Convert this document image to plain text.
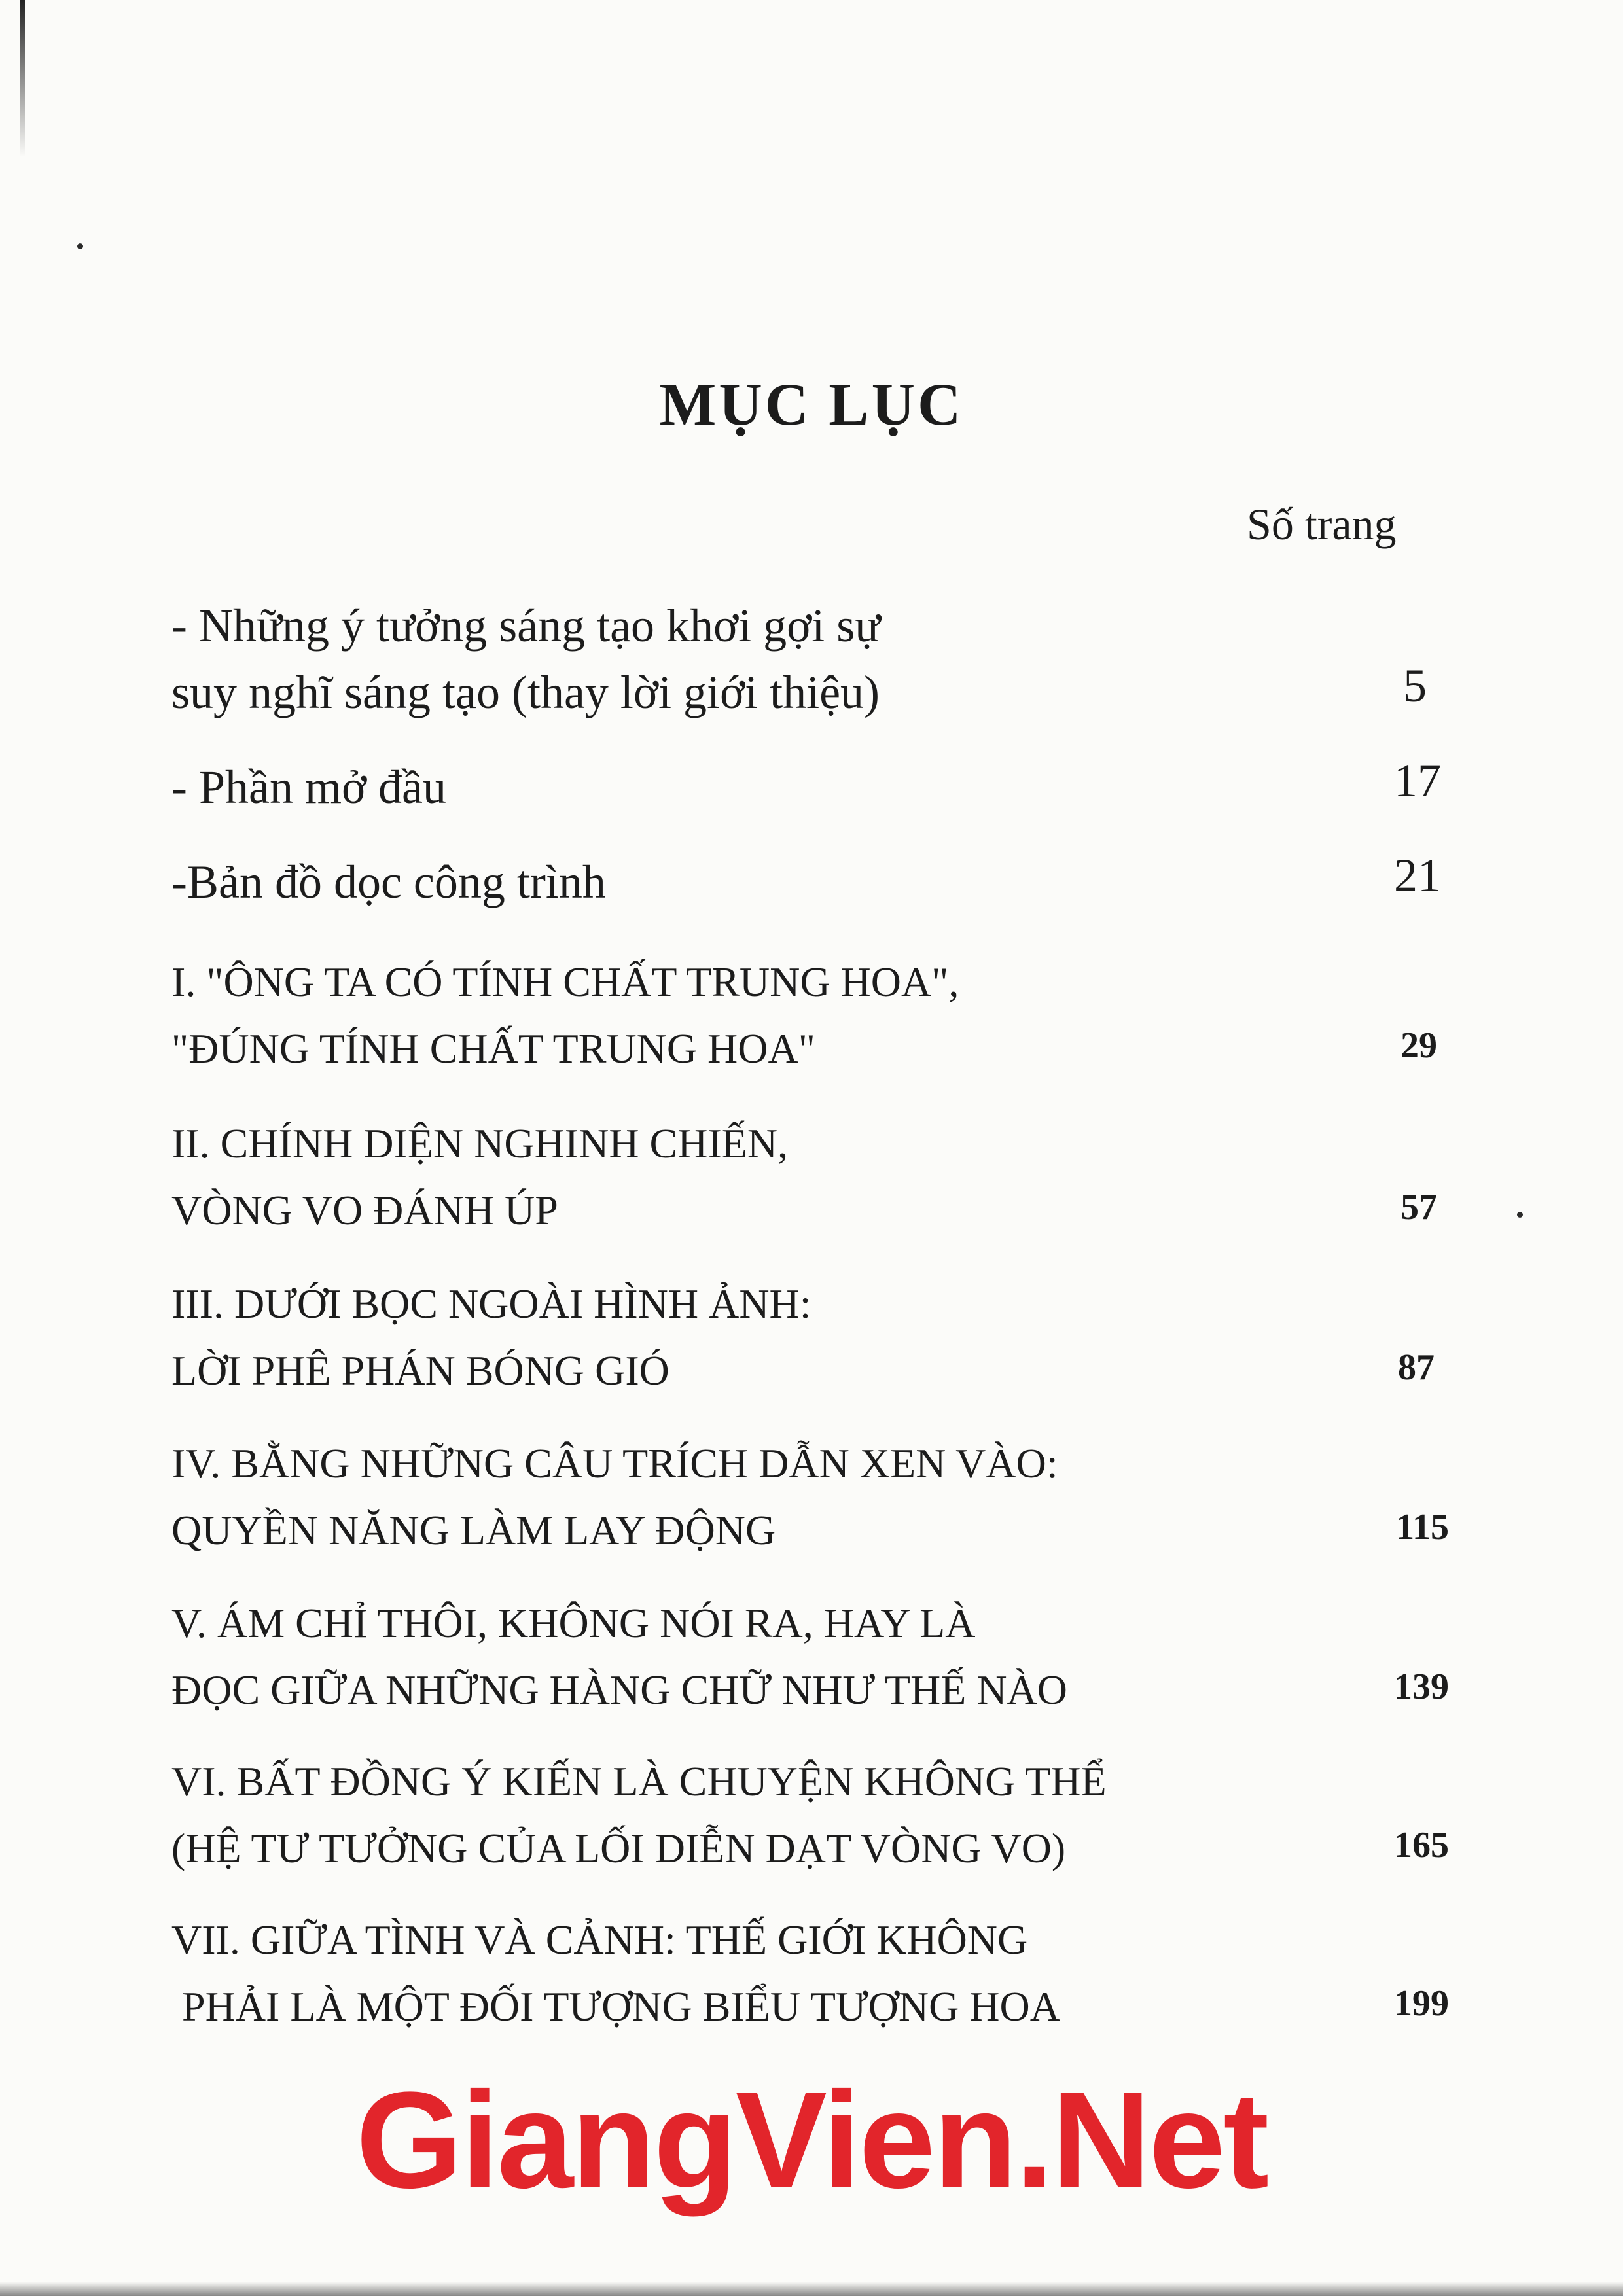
MỤC LỤC
Số trang
- Những ý tưởng sáng tạo khơi gợi sự
suy nghĩ sáng tạo (thay lời giới thiệu)	5
- Phần mở đầu	17
-Bản đồ dọc công trình	21
I. "ÔNG TA CÓ TÍNH CHẤT TRUNG HOA",
"ĐÚNG TÍNH CHẤT TRUNG HOA"	29
II. CHÍNH DIỆN NGHINH CHIẾN,
VÒNG VO ĐÁNH ÚP	57
III. DƯỚI BỌC NGOÀI HÌNH ẢNH:
LỜI PHÊ PHÁN BÓNG GIÓ	87
IV. BẰNG NHỮNG CÂU TRÍCH DẪN XEN VÀO:
QUYỀN NĂNG LÀM LAY ĐỘNG	115
V. ÁM CHỈ THÔI, KHÔNG NÓI RA, HAY LÀ
ĐỌC GIỮA NHỮNG HÀNG CHỮ NHƯ THẾ NÀO	139
VI. BẤT ĐỒNG Ý KIẾN LÀ CHUYỆN KHÔNG THỂ
(HỆ TƯ TƯỞNG CỦA LỐI DIỄN DẠT VÒNG VO)	165
VII. GIỮA TÌNH VÀ CẢNH: THẾ GIỚI KHÔNG
PHẢI LÀ MỘT ĐỐI TƯỢNG BIỂU TƯỢNG HOA	199
GiangVien.Net
